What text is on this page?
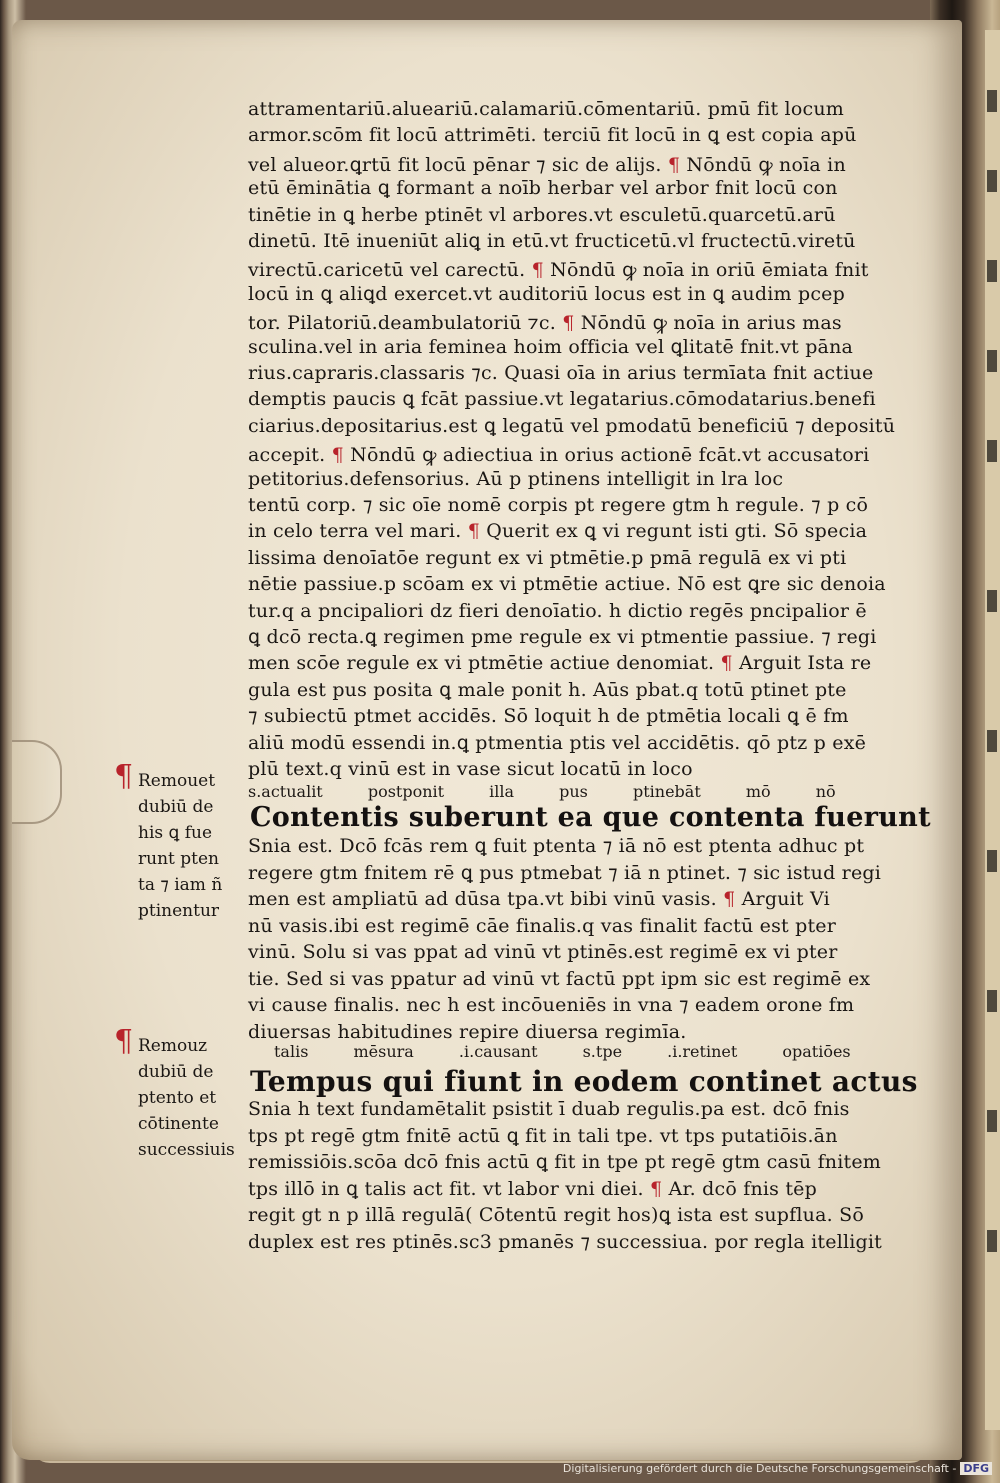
attramentariū.alueariū.calamariū.cōmentariū. pmū fit locum
armor.scōm fit locū attrimēti. terciū fit locū in ꝗ est copia apū
vel alueor.ꝗrtū fit locū pēnar ⁊ sic de alijs. ¶ Nōndū ꝙ noīa in
etū ēminātia ꝗ formant a noīb herbar vel arbor fnit locū con
tinētie in ꝗ herbe ptinēt vl arbores.vt esculetū.quarcetū.arū
dinetū. Itē inueniūt aliꝗ in etū.vt fructicetū.vl fructectū.viretū
virectū.caricetū vel carectū. ¶ Nōndū ꝙ noīa in oriū ēmiata fnit
locū in ꝗ aliꝗd exercet.vt auditoriū locus est in ꝗ audim pcep
tor. Pilatoriū.deambulatoriū ⁊c. ¶ Nōndū ꝙ noīa in arius mas
sculina.vel in aria feminea hoim officia vel ꝗlitatē fnit.vt pāna
rius.capraris.classaris ⁊c. Quasi oīa in arius termīata fnit actiue
demptis paucis ꝗ fcāt passiue.vt legatarius.cōmodatarius.benefi
ciarius.depositarius.est ꝗ legatū vel pmodatū beneficiū ⁊ depositū
accepit. ¶ Nōndū ꝙ adiectiua in orius actionē fcāt.vt accusatori
petitorius.defensorius. Aū p ptinens intelligit in lra loc
tentū corp. ⁊ sic oīe nomē corpis pt regere gtm h regule. ⁊ p cō
in celo terra vel mari. ¶ Querit ex ꝗ vi regunt isti gti. Sō specia
lissima denoīatōe regunt ex vi ptmētie.p pmā regulā ex vi pti
nētie passiue.p scōam ex vi ptmētie actiue. Nō est ꝗre sic denoia
tur.q a pncipaliori dz fieri denoīatio. h dictio regēs pncipalior ē
ꝗ dcō recta.ꝗ regimen pme regule ex vi ptmentie passiue. ⁊ regi
men scōe regule ex vi ptmētie actiue denomiat. ¶ Arguit Ista re
gula est pus posita ꝗ male ponit h. Aūs pbat.q totū ptinet pte
⁊ subiectū ptmet accidēs. Sō loquit h de ptmētia locali ꝗ ē fm
aliū modū essendi in.ꝗ ptmentia ptis vel accidētis. qō ptz p exē
plū text.q vinū est in vase sicut locatū in loco
Snia est. Dcō fcās rem ꝗ fuit ptenta ⁊ iā nō est ptenta adhuc pt
regere gtm fnitem rē ꝗ pus ptmebat ⁊ iā n ptinet. ⁊ sic istud regi
men est ampliatū ad dūsa tpa.vt bibi vinū vasis. ¶ Arguit Vi
nū vasis.ibi est regimē cāe finalis.q vas finalit factū est pter
vinū. Solu si vas ppat ad vinū vt ptinēs.est regimē ex vi pter
tie. Sed si vas ppatur ad vinū vt factū ppt ipm sic est regimē ex
vi cause finalis. nec h est incōueniēs in vna ⁊ eadem orone fm
diuersas habitudines repire diuersa regimīa.
Snia h text fundamētalit psistit ī duab regulis.pa est. dcō fnis
tps pt regē gtm fnitē actū ꝗ fit in tali tpe. vt tps putatiōis.ān
remissiōis.scōa dcō fnis actū ꝗ fit in tpe pt regē gtm casū fnitem
tps illō in ꝗ talis act fit. vt labor vni diei. ¶ Ar. dcō fnis tēp
regit gt n p illā regulā( Cōtentū regit hos)ꝗ ista est supflua. Sō
duplex est res ptinēs.sc3 pmanēs ⁊ successiua. por regla itelligit
s.actualit postponit illa pus ptinebāt mō nō
Contentis suberunt ea que contenta fuerunt
talis mēsura .i.causant s.tpe .i.retinet opatiōes
Tempus qui fiunt in eodem continet actus
¶ Remouet
dubiū de
his ꝗ fue
runt pten
ta ⁊ iam ñ
ptinentur
¶ Remouz
dubiū de
ptento et
cōtinente
successiuis
Digitalisierung gefördert durch die Deutsche Forschungsgemeinschaft - DFG
